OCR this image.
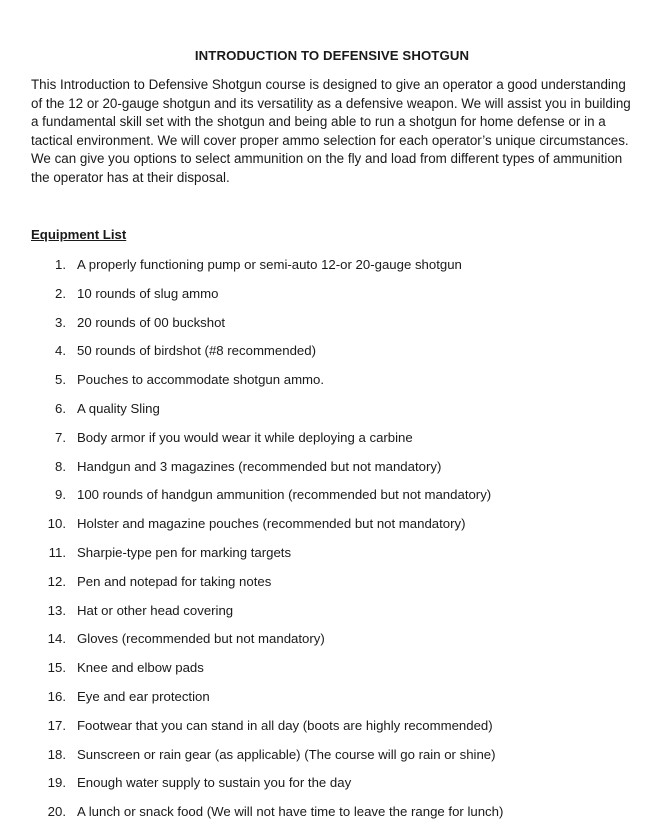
INTRODUCTION TO DEFENSIVE SHOTGUN

This Introduction to Defensive Shotgun course is designed to give an operator a good understanding of the 12 or 20-gauge shotgun and its versatility as a defensive weapon. We will assist you in building a fundamental skill set with the shotgun and being able to run a shotgun for home defense or in a tactical environment. We will cover proper ammo selection for each operator’s unique circumstances. We can give you options to select ammunition on the fly and load from different types of ammunition the operator has at their disposal.

Equipment List
1. A properly functioning pump or semi-auto 12-or 20-gauge shotgun
2. 10 rounds of slug ammo
3. 20 rounds of 00 buckshot
4. 50 rounds of birdshot (#8 recommended)
5. Pouches to accommodate shotgun ammo.
6. A quality Sling
7. Body armor if you would wear it while deploying a carbine
8. Handgun and 3 magazines (recommended but not mandatory)
9. 100 rounds of handgun ammunition (recommended but not mandatory)
10. Holster and magazine pouches (recommended but not mandatory)
11. Sharpie-type pen for marking targets
12. Pen and notepad for taking notes
13. Hat or other head covering
14. Gloves (recommended but not mandatory)
15. Knee and elbow pads
16. Eye and ear protection
17. Footwear that you can stand in all day (boots are highly recommended)
18. Sunscreen or rain gear (as applicable) (The course will go rain or shine)
19. Enough water supply to sustain you for the day
20. A lunch or snack food (We will not have time to leave the range for lunch)
